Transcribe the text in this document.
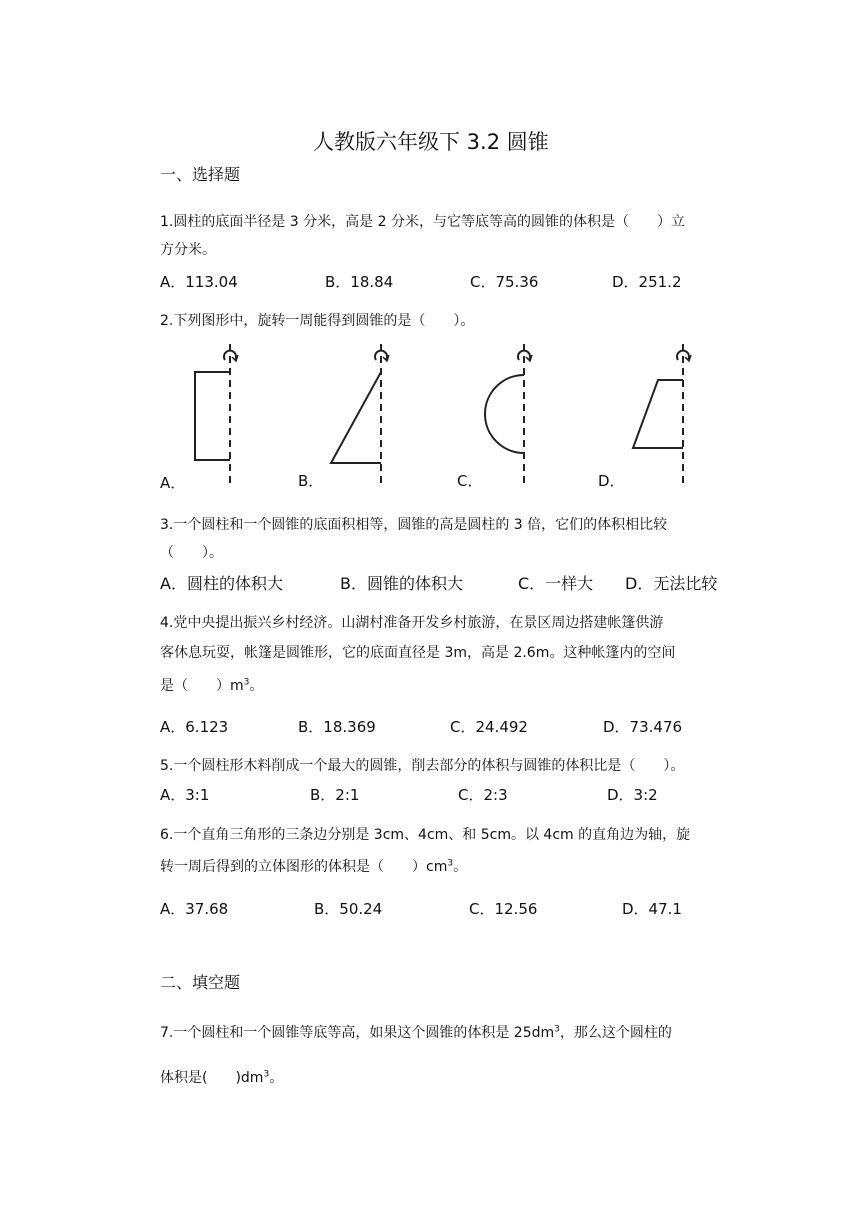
人教版六年级下 3.2 圆锥
一、选择题
1.圆柱的底面半径是 3 分米，高是 2 分米，与它等底等高的圆锥的体积是（　　）立
方分米。
A．113.04	B．18.84	C．75.36	D．251.2
2.下列图形中，旋转一周能得到圆锥的是（　　）。
A．	B．	C．	D．
3.一个圆柱和一个圆锥的底面积相等，圆锥的高是圆柱的 3 倍，它们的体积相比较
（　　）。
A．圆柱的体积大	B．圆锥的体积大	C．一样大 D．无法比较
4.党中央提出振兴乡村经济。山湖村准备开发乡村旅游，在景区周边搭建帐篷供游
客休息玩耍，帐篷是圆锥形，它的底面直径是 3m，高是 2.6m。这种帐篷内的空间
是（　　）$m^3$。
A．6.123	B．18.369	C．24.492	D．73.476
5.一个圆柱形木料削成一个最大的圆锥，削去部分的体积与圆锥的体积比是（　　）。
A．3:1	B．2:1	C．2:3	D．3:2
6.一个直角三角形的三条边分别是 3cm、4cm、和 5cm。以 4cm 的直角边为轴，旋
转一周后得到的立体图形的体积是（　　）$cm^3$。
A．37.68	B．50.24	C．12.56	D．47.1
二、填空题
7.一个圆柱和一个圆锥等底等高，如果这个圆锥的体积是 $25dm^3$，那么这个圆柱的
体积是(　　)$dm^3$。
